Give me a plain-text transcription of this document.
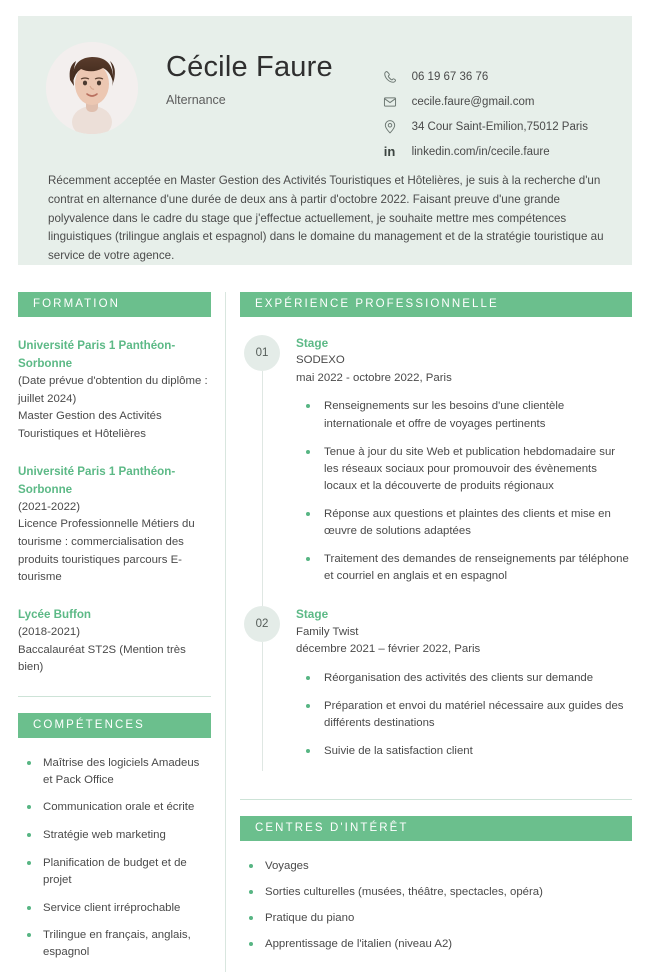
Cécile Faure
Alternance
06 19 67 36 76
cecile.faure@gmail.com
34 Cour Saint-Emilion,75012 Paris
in linkedin.com/in/cecile.faure
Récemment acceptée en Master Gestion des Activités Touristiques et Hôtelières, je suis à la recherche d'un contrat en alternance d'une durée de deux ans à partir d'octobre 2022. Faisant preuve d'une grande polyvalence dans le cadre du stage que j'effectue actuellement, je souhaite mettre mes compétences linguistiques (trilingue anglais et espagnol) dans le domaine du management et de la stratégie touristique au service de votre agence.
FORMATION
Université Paris 1 Panthéon-Sorbonne
(Date prévue d'obtention du diplôme : juillet 2024)
Master Gestion des Activités Touristiques et Hôtelières
Université Paris 1 Panthéon-Sorbonne
(2021-2022)
Licence Professionnelle Métiers du tourisme : commercialisation des produits touristiques parcours E-tourisme
Lycée Buffon
(2018-2021)
Baccalauréat ST2S (Mention très bien)
COMPÉTENCES
Maîtrise des logiciels Amadeus et Pack Office
Communication orale et écrite
Stratégie web marketing
Planification de budget et de projet
Service client irréprochable
Trilingue en français, anglais, espagnol
EXPÉRIENCE PROFESSIONNELLE
01
Stage
SODEXO
mai 2022 - octobre 2022, Paris
Renseignements sur les besoins d'une clientèle internationale et offre de voyages pertinents
Tenue à jour du site Web et publication hebdomadaire sur les réseaux sociaux pour promouvoir des évènements locaux et la découverte de produits régionaux
Réponse aux questions et plaintes des clients et mise en œuvre de solutions adaptées
Traitement des demandes de renseignements par téléphone et courriel en anglais et en espagnol
02
Stage
Family Twist
décembre 2021 – février 2022, Paris
Réorganisation des activités des clients sur demande
Préparation et envoi du matériel nécessaire aux guides des différents destinations
Suivie de la satisfaction client
CENTRES D'INTÉRÊT
Voyages
Sorties culturelles (musées, théâtre, spectacles, opéra)
Pratique du piano
Apprentissage de l'italien (niveau A2)
